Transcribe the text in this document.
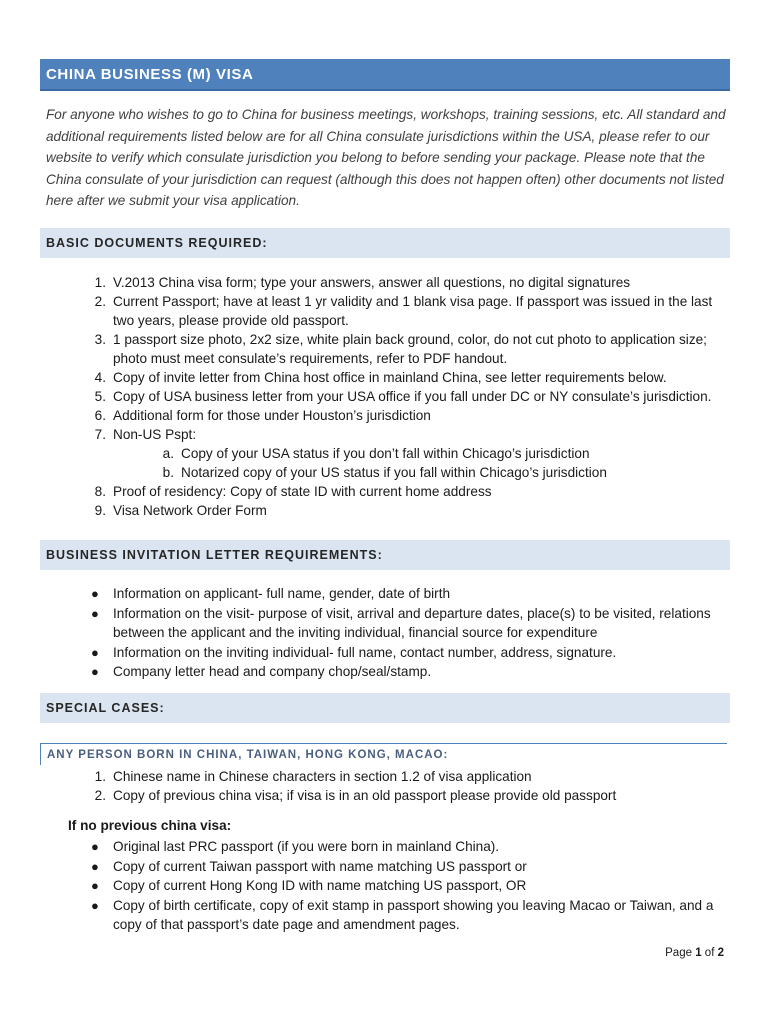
CHINA BUSINESS (M) VISA

For anyone who wishes to go to China for business meetings, workshops, training sessions, etc. All standard and additional requirements listed below are for all China consulate jurisdictions within the USA, please refer to our website to verify which consulate jurisdiction you belong to before sending your package. Please note that the China consulate of your jurisdiction can request (although this does not happen often) other documents not listed here after we submit your visa application.

BASIC DOCUMENTS REQUIRED:
1. V.2013 China visa form; type your answers, answer all questions, no digital signatures
2. Current Passport; have at least 1 yr validity and 1 blank visa page. If passport was issued in the last two years, please provide old passport.
3. 1 passport size photo, 2x2 size, white plain back ground, color, do not cut photo to application size; photo must meet consulate’s requirements, refer to PDF handout.
4. Copy of invite letter from China host office in mainland China, see letter requirements below.
5. Copy of USA business letter from your USA office if you fall under DC or NY consulate’s jurisdiction.
6. Additional form for those under Houston’s jurisdiction
7. Non-US Pspt:
a. Copy of your USA status if you don’t fall within Chicago’s jurisdiction
b. Notarized copy of your US status if you fall within Chicago’s jurisdiction
8. Proof of residency: Copy of state ID with current home address
9. Visa Network Order Form
BUSINESS INVITATION LETTER REQUIREMENTS:
● Information on applicant- full name, gender, date of birth
● Information on the visit- purpose of visit, arrival and departure dates, place(s) to be visited, relations between the applicant and the inviting individual, financial source for expenditure
● Information on the inviting individual- full name, contact number, address, signature.
● Company letter head and company chop/seal/stamp.
SPECIAL CASES:
ANY PERSON BORN IN CHINA, TAIWAN, HONG KONG, MACAO:
1. Chinese name in Chinese characters in section 1.2 of visa application
2. Copy of previous china visa; if visa is in an old passport please provide old passport
If no previous china visa:
● Original last PRC passport (if you were born in mainland China).
● Copy of current Taiwan passport with name matching US passport or
● Copy of current Hong Kong ID with name matching US passport, OR
● Copy of birth certificate, copy of exit stamp in passport showing you leaving Macao or Taiwan, and a copy of that passport’s date page and amendment pages.
Page 1 of 2
